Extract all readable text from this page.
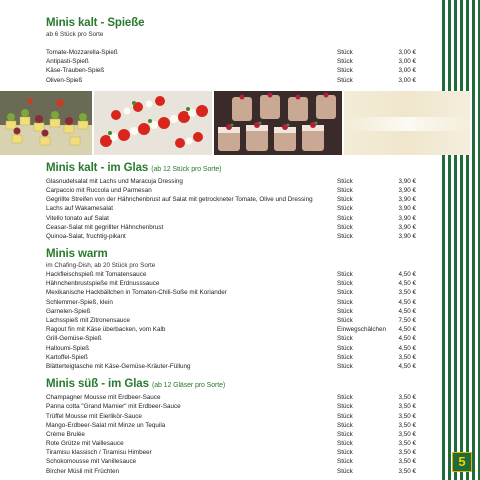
5
Minis kalt - Spieße
ab 6 Stück pro Sorte
Tomate-Mozzarella-Spieß	Stück	3,00 €
Antipasti-Spieß	Stück	3,00 €
Käse-Trauben-Spieß	Stück	3,00 €
Oliven-Spieß	Stück	3,00 €
Minis kalt - im Glas (ab 12 Stück pro Sorte)
Glasnudelsalat mit Lachs und Maracuja Dressing	Stück	3,90 €
Carpaccio mit Ruccola und Parmesan	Stück	3,90 €
Gegrillte Streifen von der Hähnchenbrust auf Salat mit getrockneter Tomate, Olive und Dressing	Stück	3,90 €
Lachs auf Wakamesalat	Stück	3,90 €
Vitello tonato auf Salat	Stück	3,90 €
Ceasar-Salat mit gegrillter Hähnchenbrust	Stück	3,90 €
Quinoa-Salat, fruchtig-pikant	Stück	3,90 €
Minis warm
im Chafing-Dish, ab 20 Stück pro Sorte
Hackfleischspieß mit Tomatensauce	Stück	4,50 €
Hähnchenbrustspieße mit Erdnusssauce	Stück	4,50 €
Mexikanische Hackbällchen in Tomaten-Chili-Soße mit Koriander	Stück	3,50 €
Schlemmer-Spieß, klein	Stück	4,50 €
Garnelen-Spieß	Stück	4,50 €
Lachsspieß mit Zitronensauce	Stück	7,50 €
Ragout fin mit Käse überbacken, vom Kalb	Einwegschälchen	4,50 €
Grill-Gemüse-Spieß	Stück	4,50 €
Halloumi-Spieß	Stück	4,50 €
Kartoffel-Spieß	Stück	3,50 €
Blätterteigtasche mit Käse-Gemüse-Kräuter-Füllung	Stück	4,50 €
Minis süß - im Glas (ab 12 Gläser pro Sorte)
Champagner Mousse mit Erdbeer-Sauce	Stück	3,50 €
Panna cotta "Grand Marnier" mit Erdbeer-Sauce	Stück	3,50 €
Trüffel Mousse mit Eierlikör-Sauce	Stück	3,50 €
Mango-Erdbeer-Salat mit Minze un Tequila	Stück	3,50 €
Crème Brulée	Stück	3,50 €
Rote Grütze mit Vaillesauce	Stück	3,50 €
Tiramisu klassisch / Tiramisu Himbeer	Stück	3,50 €
Schokomousse mit Vanillesauce	Stück	3,50 €
Bircher Müsli mit Früchten	Stück	3,50 €
